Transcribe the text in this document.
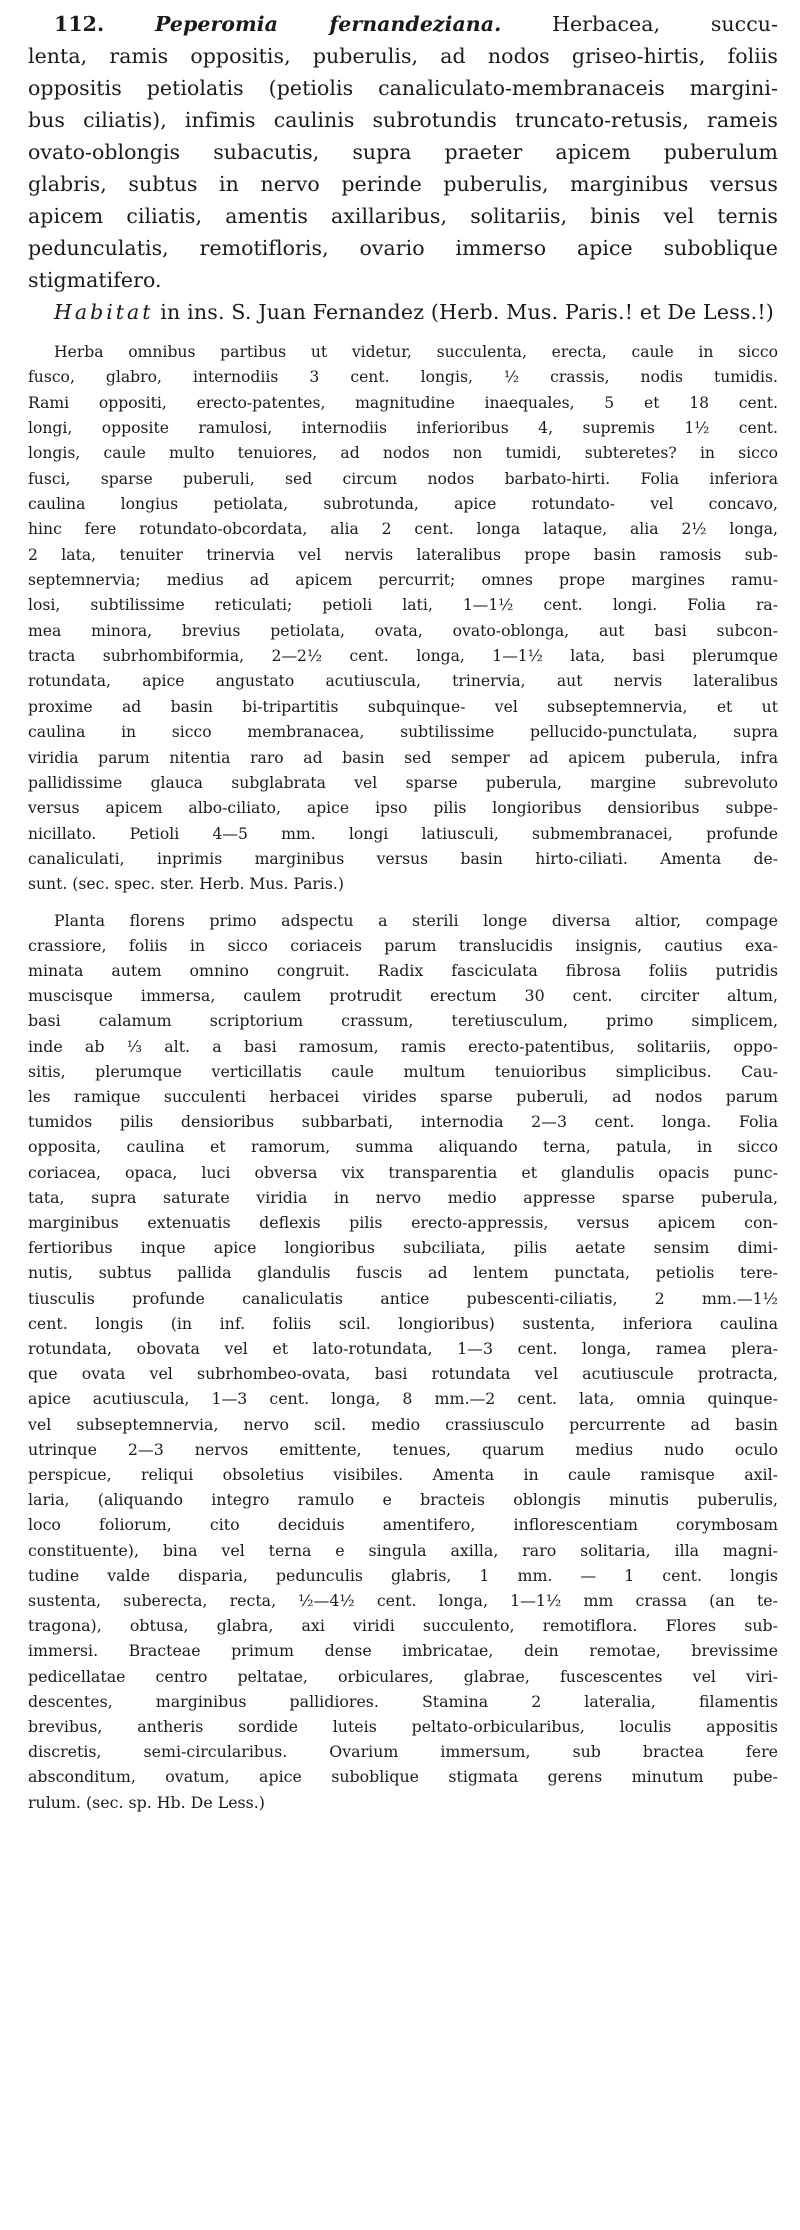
112. Peperomia fernandeziana. Herbacea, succu-
lenta, ramis oppositis, puberulis, ad nodos griseo-hirtis, foliis
oppositis petiolatis (petiolis canaliculato-membranaceis margini-
bus ciliatis), infimis caulinis subrotundis truncato-retusis, rameis
ovato-oblongis subacutis, supra praeter apicem puberulum
glabris, subtus in nervo perinde puberulis, marginibus versus
apicem ciliatis, amentis axillaribus, solitariis, binis vel ternis
pedunculatis, remotifloris, ovario immerso apice suboblique
stigmatifero.

Habitat in ins. S. Juan Fernandez (Herb. Mus. Paris.! et De Less.!)

Herba omnibus partibus ut videtur, succulenta, erecta, caule in sicco
fusco, glabro, internodiis 3 cent. longis, ½ crassis, nodis tumidis.
Rami oppositi, erecto-patentes, magnitudine inaequales, 5 et 18 cent.
longi, opposite ramulosi, internodiis inferioribus 4, supremis 1½ cent.
longis, caule multo tenuiores, ad nodos non tumidi, subteretes? in sicco
fusci, sparse puberuli, sed circum nodos barbato-hirti. Folia inferiora
caulina longius petiolata, subrotunda, apice rotundato- vel concavo,
hinc fere rotundato-obcordata, alia 2 cent. longa lataque, alia 2½ longa,
2 lata, tenuiter trinervia vel nervis lateralibus prope basin ramosis sub-
septemnervia; medius ad apicem percurrit; omnes prope margines ramu-
losi, subtilissime reticulati; petioli lati, 1—1½ cent. longi. Folia ra-
mea minora, brevius petiolata, ovata, ovato-oblonga, aut basi subcon-
tracta subrhombiformia, 2—2½ cent. longa, 1—1½ lata, basi plerumque
rotundata, apice angustato acutiuscula, trinervia, aut nervis lateralibus
proxime ad basin bi-tripartitis subquinque- vel subseptemnervia, et ut
caulina in sicco membranacea, subtilissime pellucido-punctulata, supra
viridia parum nitentia raro ad basin sed semper ad apicem puberula, infra
pallidissime glauca subglabrata vel sparse puberula, margine subrevoluto
versus apicem albo-ciliato, apice ipso pilis longioribus densioribus subpe-
nicillato. Petioli 4—5 mm. longi latiusculi, submembranacei, profunde
canaliculati, inprimis marginibus versus basin hirto-ciliati. Amenta de-
sunt. (sec. spec. ster. Herb. Mus. Paris.)

Planta florens primo adspectu a sterili longe diversa altior, compage
crassiore, foliis in sicco coriaceis parum translucidis insignis, cautius exa-
minata autem omnino congruit. Radix fasciculata fibrosa foliis putridis
muscisque immersa, caulem protrudit erectum 30 cent. circiter altum,
basi calamum scriptorium crassum, teretiusculum, primo simplicem,
inde ab ⅓ alt. a basi ramosum, ramis erecto-patentibus, solitariis, oppo-
sitis, plerumque verticillatis caule multum tenuioribus simplicibus. Cau-
les ramique succulenti herbacei virides sparse puberuli, ad nodos parum
tumidos pilis densioribus subbarbati, internodia 2—3 cent. longa. Folia
opposita, caulina et ramorum, summa aliquando terna, patula, in sicco
coriacea, opaca, luci obversa vix transparentia et glandulis opacis punc-
tata, supra saturate viridia in nervo medio appresse sparse puberula,
marginibus extenuatis deflexis pilis erecto-appressis, versus apicem con-
fertioribus inque apice longioribus subciliata, pilis aetate sensim dimi-
nutis, subtus pallida glandulis fuscis ad lentem punctata, petiolis tere-
tiusculis profunde canaliculatis antice pubescenti-ciliatis, 2 mm.—1½
cent. longis (in inf. foliis scil. longioribus) sustenta, inferiora caulina
rotundata, obovata vel et lato-rotundata, 1—3 cent. longa, ramea plera-
que ovata vel subrhombeo-ovata, basi rotundata vel acutiuscule protracta,
apice acutiuscula, 1—3 cent. longa, 8 mm.—2 cent. lata, omnia quinque-
vel subseptemnervia, nervo scil. medio crassiusculo percurrente ad basin
utrinque 2—3 nervos emittente, tenues, quarum medius nudo oculo
perspicue, reliqui obsoletius visibiles. Amenta in caule ramisque axil-
laria, (aliquando integro ramulo e bracteis oblongis minutis puberulis,
loco foliorum, cito deciduis amentifero, inflorescentiam corymbosam
constituente), bina vel terna e singula axilla, raro solitaria, illa magni-
tudine valde disparia, pedunculis glabris, 1 mm. — 1 cent. longis
sustenta, suberecta, recta, ½—4½ cent. longa, 1—1½ mm crassa (an te-
tragona), obtusa, glabra, axi viridi succulento, remotiflora. Flores sub-
immersi. Bracteae primum dense imbricatae, dein remotae, brevissime
pedicellatae centro peltatae, orbiculares, glabrae, fuscescentes vel viri-
descentes, marginibus pallidiores. Stamina 2 lateralia, filamentis
brevibus, antheris sordide luteis peltato-orbicularibus, loculis appositis
discretis, semi-circularibus. Ovarium immersum, sub bractea fere
absconditum, ovatum, apice suboblique stigmata gerens minutum pube-
rulum. (sec. sp. Hb. De Less.)
